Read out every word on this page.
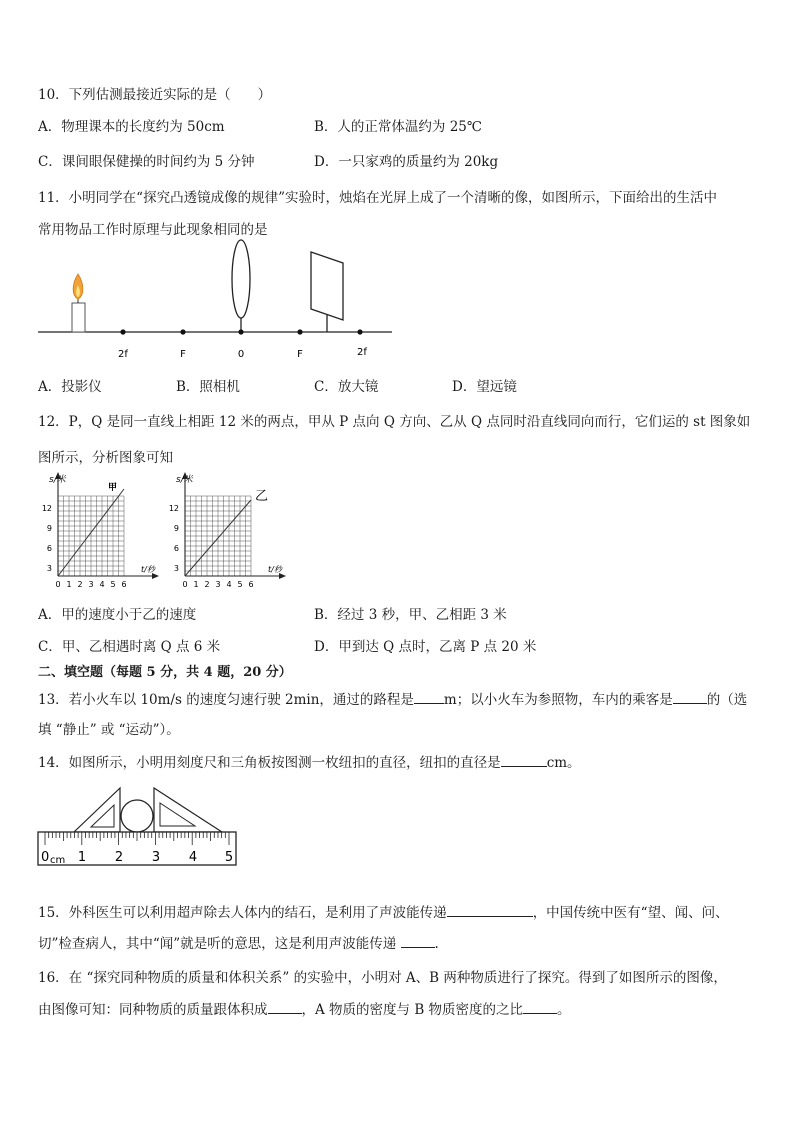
10．下列估测最接近实际的是（　　）
A．物理课本的长度约为 50cm	B．人的正常体温约为 25℃
C．课间眼保健操的时间约为 5 分钟	D．一只家鸡的质量约为 20kg
11．小明同学在“探究凸透镜成像的规律”实验时，烛焰在光屏上成了一个清晰的像，如图所示，下面给出的生活中
常用物品工作时原理与此现象相同的是
2f	F	0	F	2f
A．投影仪	B．照相机	C．放大镜	D．望远镜
12．P，Q 是同一直线上相距 12 米的两点，甲从 P 点向 Q 方向、乙从 Q 点同时沿直线同向而行，它们运的 st 图象如
图所示，分析图象可知
s/米
甲
t/秒
12
9
6
3
0 1 2 3 4 5 6
s/米
乙
t/秒
12
9
6
3
0 1 2 3 4 5 6
A．甲的速度小于乙的速度	B．经过 3 秒，甲、乙相距 3 米
C．甲、乙相遇时离 Q 点 6 米	D．甲到达 Q 点时，乙离 P 点 20 米
二、填空题（每题 5 分，共 4 题，20 分）
13．若小火车以 10m/s 的速度匀速行驶 2min，通过的路程是 m；以小火车为参照物，车内的乘客是	的（选
填 “静止” 或 “运动”）。
14．如图所示，小明用刻度尺和三角板按图测一枚纽扣的直径，纽扣的直径是	cm。
0 cm 1 2 3 4 5
15．外科医生可以利用超声除去人体内的结石，是利用了声波能传递	，中国传统中医有“望、闻、问、
切”检查病人，其中“闻”就是听的意思，这是利用声波能传递	.
16．在 “探究同种物质的质量和体积关系” 的实验中，小明对 A、B 两种物质进行了探究。得到了如图所示的图像，
由图像可知：同种物质的质量跟体积成	，A 物质的密度与 B 物质密度的之比	。
